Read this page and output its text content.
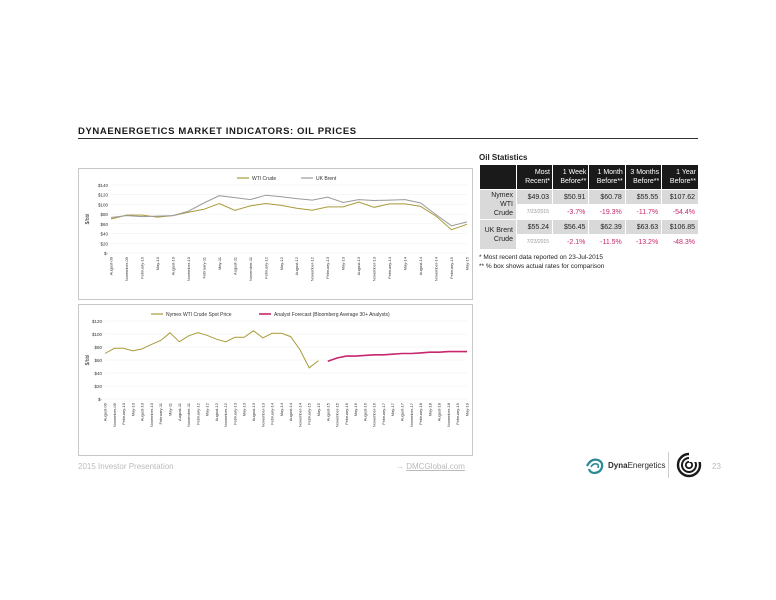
DYNAENERGETICS MARKET INDICATORS: OIL PRICES
$-
$20
$40
$60
$80
$100
$120
$140
$/bbl
August-09	November-09	February-10	May-10	August-10	November-10	February-11	May-11	August-11	November-11	February-12	May-12	August-12	November-12	February-13	May-13	August-13	November-13	February-14	May-14	August-14	November-14	February-15	May-15
WTI Crude	UK Brent
$-
$20
$40
$60
$80
$100
$120
$/bbl
August-09 November-09 February-10 May-10 August-10 November-10 February-11 May-11 August-11 November-11 February-12 May-12 August-12 November-12 February-13 May-13 August-13 November-13 February-14 May-14 August-14 November-14 February-15 May-15 August-15 November-15 February-16 May-16 August-16 November-16 February-17 May-17 August-17 November-17 February-18 May-18 August-18 November-18 February-19 May-19
Nymex WTI Crude Spot Price	Analyst Forecast (Bloomberg Average 30+ Analysts)
Oil Statistics
	Most Recent*	1 Week Before**	1 Month Before**	3 Months Before**	1 Year Before**
Nymex WTI Crude	$49.03	$50.91	$60.78	$55.55	$107.62
	7/23/2015	-3.7%	-19.3%	-11.7%	-54.4%
UK Brent Crude	$55.24	$56.45	$62.39	$63.63	$106.85
	7/23/2015	-2.1%	-11.5%	-13.2%	-48.3%
* Most recent data reported on 23-Jul-2015
** % box shows actual rates for comparison
2015 Investor Presentation	→ DMCGlobal.com	DynaEnergetics	23
